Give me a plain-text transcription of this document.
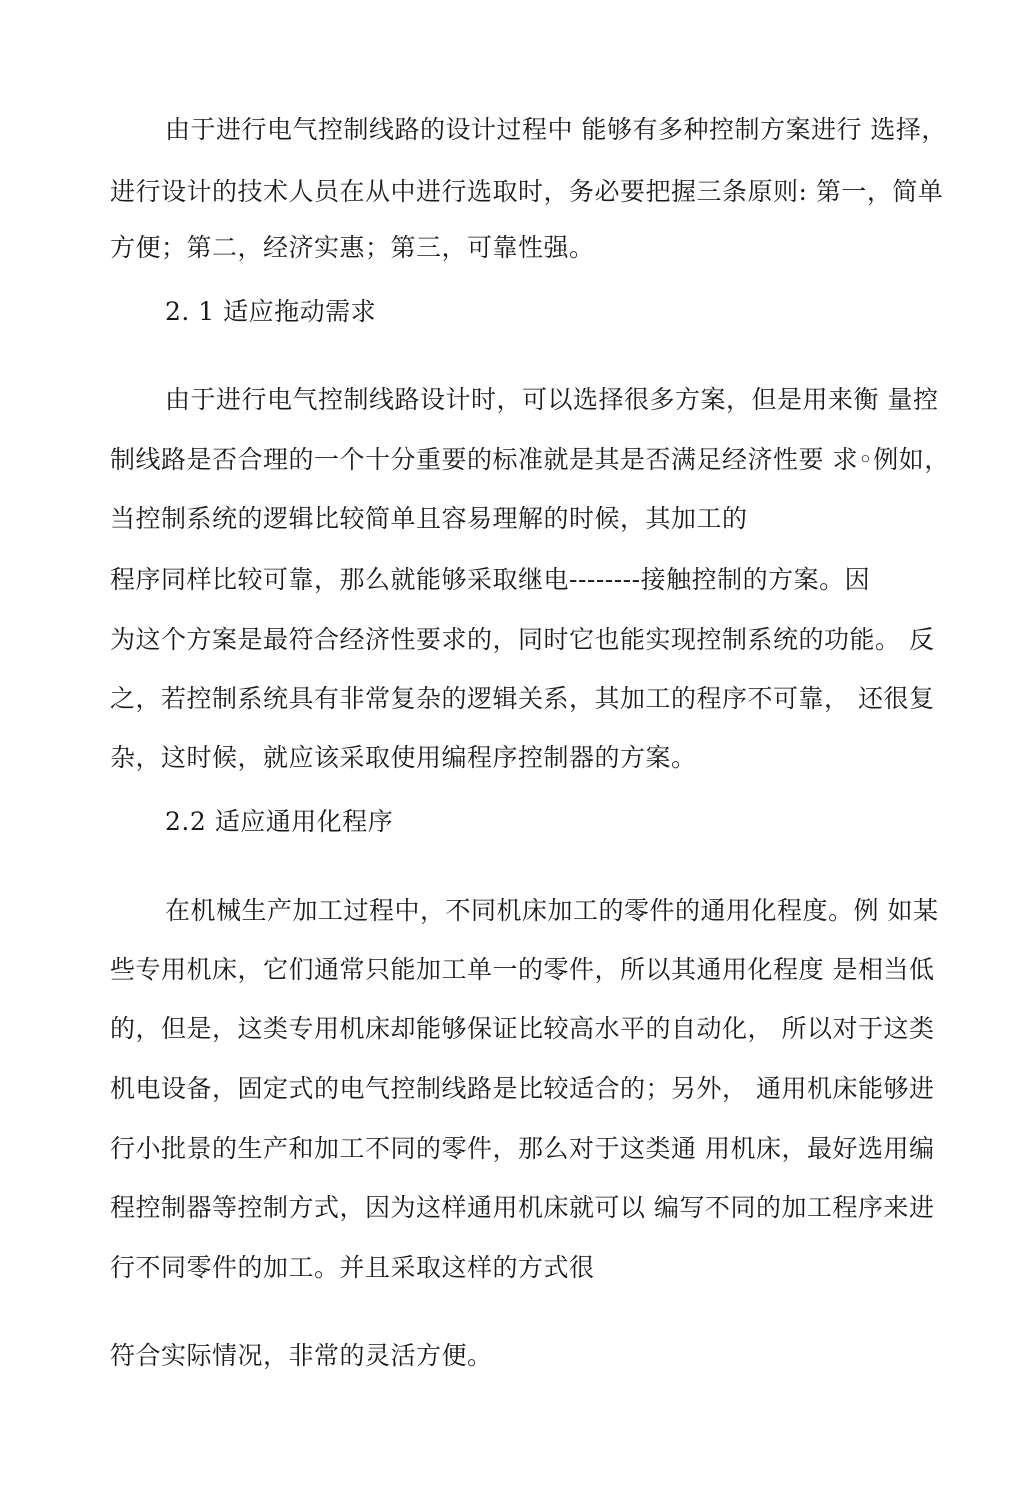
由于进行电气控制线路的设计过程中 能够有多种控制方案进行 选择，
进行设计的技术人员在从中进行选取时，务必要把握三条原则: 第一，简单
方便；第二，经济实惠；第三，可靠性强。
2. 1 适应拖动需求
由于进行电气控制线路设计时，可以选择很多方案，但是用来衡 量控
制线路是否合理的一个十分重要的标准就是其是否满足经济性要 求◦例如，
当控制系统的逻辑比较简单且容易理解的时候，其加工的
程序同样比较可靠，那么就能够采取继电--------接触控制的方案。因
为这个方案是最符合经济性要求的，同时它也能实现控制系统的功能。 反
之，若控制系统具有非常复杂的逻辑关系，其加工的程序不可靠， 还很复
杂，这时候，就应该采取使用编程序控制器的方案。
2.2 适应通用化程序
在机械生产加工过程中，不同机床加工的零件的通用化程度。例 如某
些专用机床，它们通常只能加工单一的零件，所以其通用化程度 是相当低
的，但是，这类专用机床却能够保证比较高水平的自动化， 所以对于这类
机电设备，固定式的电气控制线路是比较适合的；另外， 通用机床能够进
行小批景的生产和加工不同的零件，那么对于这类通 用机床，最好选用编
程控制器等控制方式，因为这样通用机床就可以 编写不同的加工程序来进
行不同零件的加工。并且采取这样的方式很
符合实际情况，非常的灵活方便。
